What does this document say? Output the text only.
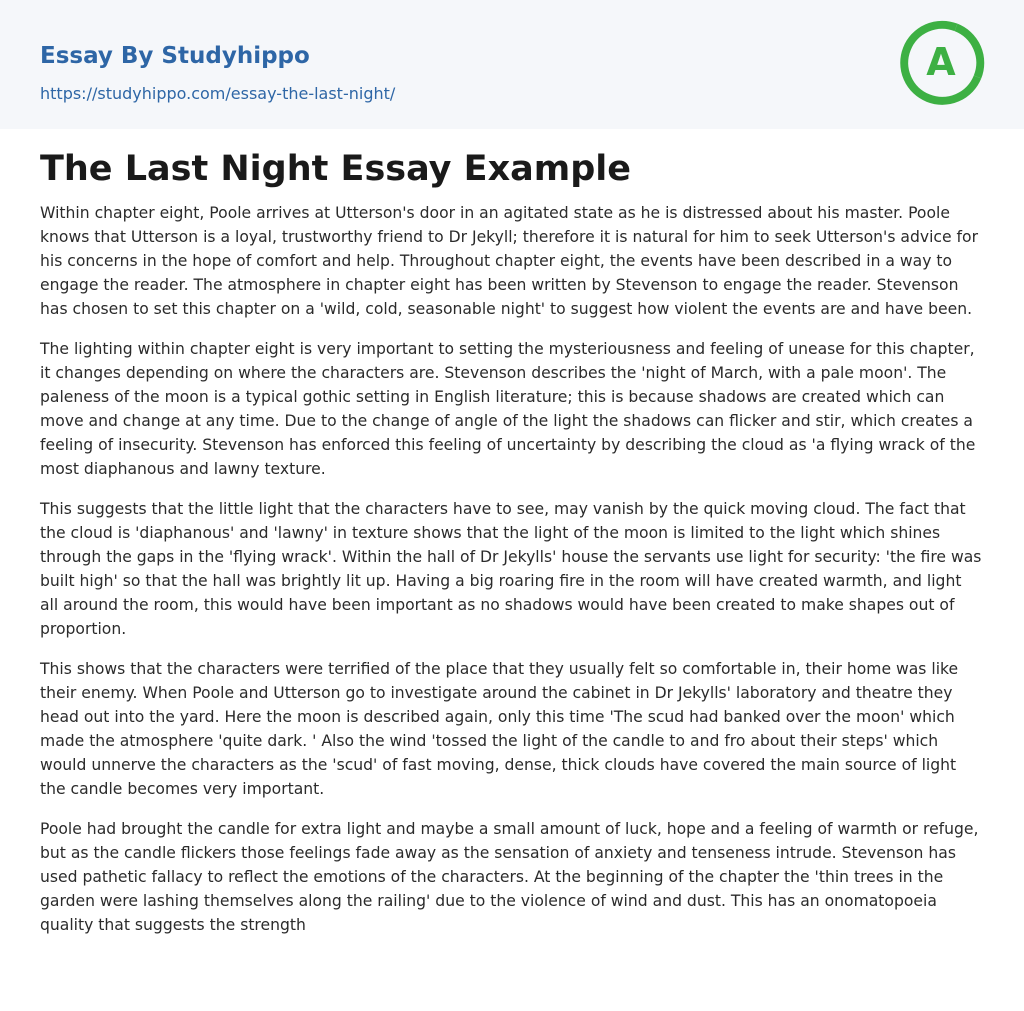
Essay By Studyhippo
https://studyhippo.com/essay-the-last-night/
A
The Last Night Essay Example

Within chapter eight, Poole arrives at Utterson's door in an agitated state as he is distressed about his master. Poole knows that Utterson is a loyal, trustworthy friend to Dr Jekyll; therefore it is natural for him to seek Utterson's advice for his concerns in the hope of comfort and help. Throughout chapter eight, the events have been described in a way to engage the reader. The atmosphere in chapter eight has been written by Stevenson to engage the reader. Stevenson has chosen to set this chapter on a 'wild, cold, seasonable night' to suggest how violent the events are and have been.

The lighting within chapter eight is very important to setting the mysteriousness and feeling of unease for this chapter, it changes depending on where the characters are. Stevenson describes the 'night of March, with a pale moon'. The paleness of the moon is a typical gothic setting in English literature; this is because shadows are created which can move and change at any time. Due to the change of angle of the light the shadows can flicker and stir, which creates a feeling of insecurity. Stevenson has enforced this feeling of uncertainty by describing the cloud as 'a flying wrack of the most diaphanous and lawny texture.

This suggests that the little light that the characters have to see, may vanish by the quick moving cloud. The fact that the cloud is 'diaphanous' and 'lawny' in texture shows that the light of the moon is limited to the light which shines through the gaps in the 'flying wrack'. Within the hall of Dr Jekylls' house the servants use light for security: 'the fire was built high' so that the hall was brightly lit up. Having a big roaring fire in the room will have created warmth, and light all around the room, this would have been important as no shadows would have been created to make shapes out of proportion.

This shows that the characters were terrified of the place that they usually felt so comfortable in, their home was like their enemy. When Poole and Utterson go to investigate around the cabinet in Dr Jekylls' laboratory and theatre they head out into the yard. Here the moon is described again, only this time 'The scud had banked over the moon' which made the atmosphere 'quite dark. ' Also the wind 'tossed the light of the candle to and fro about their steps' which would unnerve the characters as the 'scud' of fast moving, dense, thick clouds have covered the main source of light the candle becomes very important.

Poole had brought the candle for extra light and maybe a small amount of luck, hope and a feeling of warmth or refuge, but as the candle flickers those feelings fade away as the sensation of anxiety and tenseness intrude. Stevenson has used pathetic fallacy to reflect the emotions of the characters. At the beginning of the chapter the 'thin trees in the garden were lashing themselves along the railing' due to the violence of wind and dust. This has an onomatopoeia quality that suggests the strength
